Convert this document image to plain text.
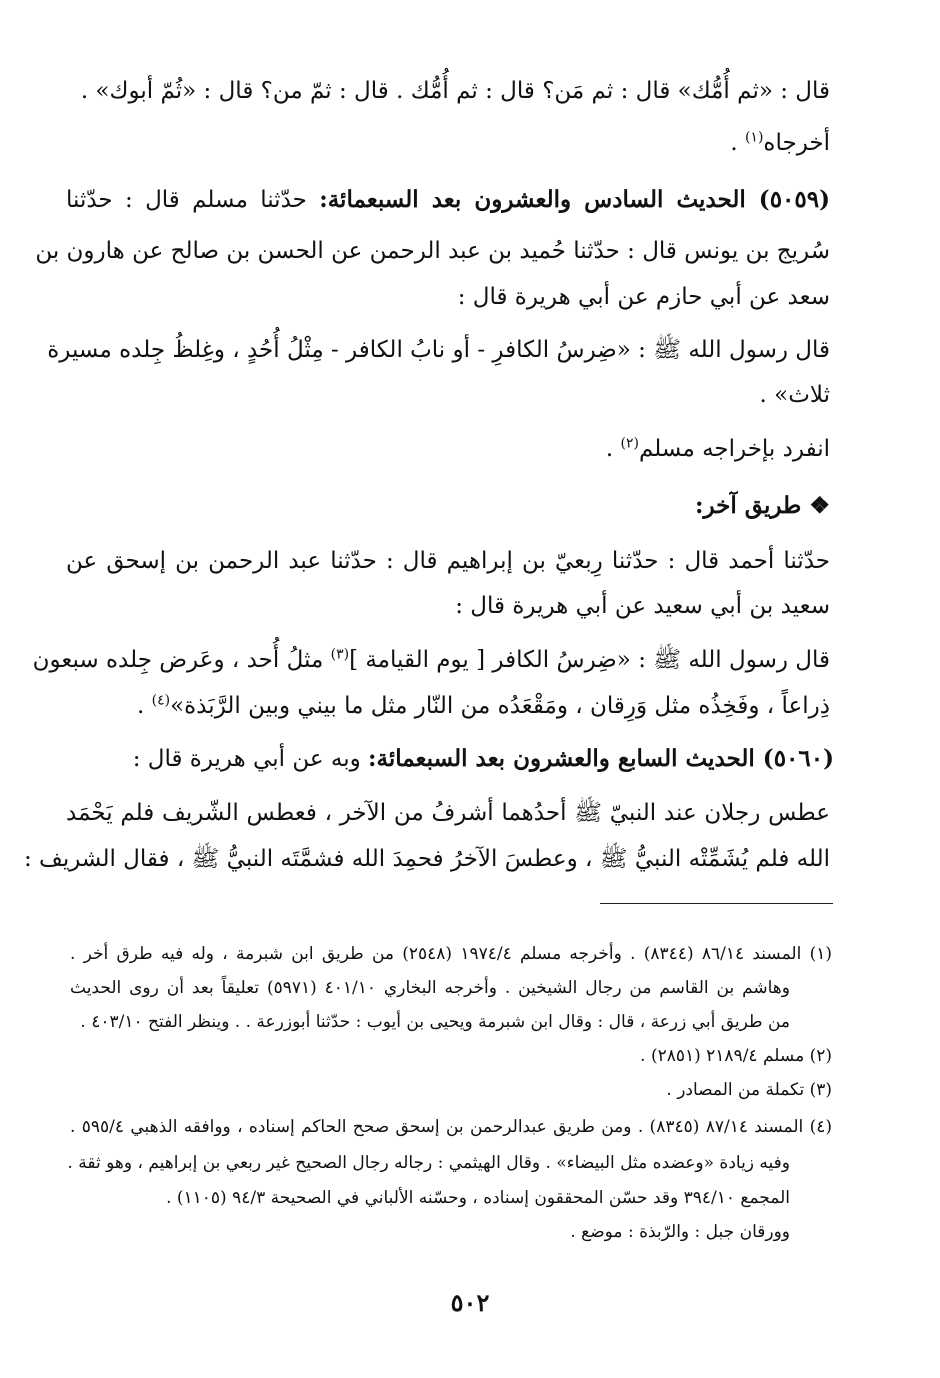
قال : «ثم أُمُّك» قال : ثم مَن؟ قال : ثم أُمُّك . قال : ثمّ من؟ قال : «ثُمّ أبوك» .
أخرجاه$^{(١)}$ .
(٥٠٥٩) الحديث السادس والعشرون بعد السبعمائة: حدّثنا مسلم قال : حدّثنا
سُريج بن يونس قال : حدّثنا حُميد بن عبد الرحمن عن الحسن بن صالح عن هارون بن
سعد عن أبي حازم عن أبي هريرة قال :
قال رسول الله ﷺ : «ضِرسُ الكافرِ - أو نابُ الكافر - مِثْلُ أُحُدٍ ، وغِلظُ جِلده مسيرة
ثلاث» .
انفرد بإخراجه مسلم$^{(٢)}$ .
❖ طريق آخر:
حدّثنا أحمد قال : حدّثنا رِبعيّ بن إبراهيم قال : حدّثنا عبد الرحمن بن إسحق عن
سعيد بن أبي سعيد عن أبي هريرة قال :
قال رسول الله ﷺ : «ضِرسُ الكافر [ يوم القيامة ]$^{(٣)}$ مثلُ أُحد ، وعَرض جِلده سبعون
ذِراعاً ، وفَخِذُه مثل وَرِقان ، ومَقْعَدُه من النّار مثل ما بيني وبين الرَّبَذة»$^{(٤)}$ .
(٥٠٦٠) الحديث السابع والعشرون بعد السبعمائة: وبه عن أبي هريرة قال :
عطس رجلان عند النبيّ ﷺ أحدُهما أشرفُ من الآخر ، فعطس الشّريف فلم يَحْمَد
الله فلم يُشَمِّتْه النبيُّ ﷺ ، وعطسَ الآخرُ فحمِدَ الله فشمَّتَه النبيُّ ﷺ ، فقال الشريف :
(١) المسند ٨٦/١٤ (٨٣٤٤) . وأخرجه مسلم ١٩٧٤/٤ (٢٥٤٨) من طريق ابن شبرمة ، وله فيه طرق أخر .
وهاشم بن القاسم من رجال الشيخين . وأخرجه البخاري ٤٠١/١٠ (٥٩٧١) تعليقاً بعد أن روى الحديث
من طريق أبي زرعة ، قال : وقال ابن شبرمة ويحيى بن أيوب : حدّثنا أبوزرعة . . وينظر الفتح ٤٠٣/١٠ .
(٢) مسلم ٢١٨٩/٤ (٢٨٥١) .
(٣) تكملة من المصادر .
(٤) المسند ٨٧/١٤ (٨٣٤٥) . ومن طريق عبدالرحمن بن إسحق صحح الحاكم إسناده ، ووافقه الذهبي ٥٩٥/٤ .
وفيه زيادة «وعضده مثل البيضاء» . وقال الهيثمي : رجاله رجال الصحيح غير ربعي بن إبراهيم ، وهو ثقة .
المجمع ٣٩٤/١٠ وقد حسّن المحققون إسناده ، وحسّنه الألباني في الصحيحة ٩٤/٣ (١١٠٥) .
وورقان جبل : والرّبذة : موضع .
٥٠٢
